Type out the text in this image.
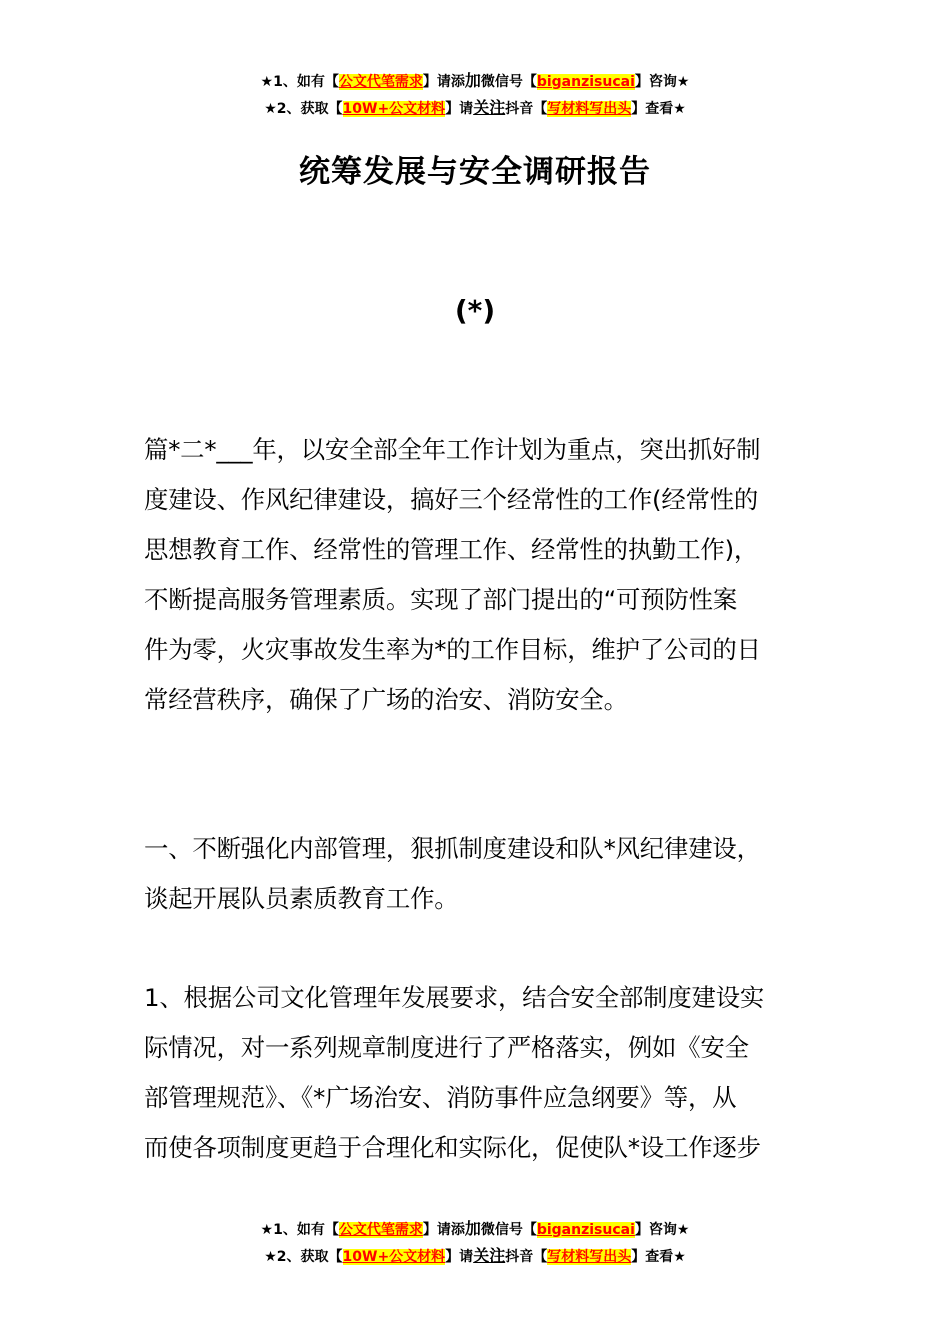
★1、如有【公文代笔需求】请添加微信号【biganzisucai】咨询★
★2、获取【10W+公文材料】请关注抖音【写材料写出头】查看★
统筹发展与安全调研报告
(*)
篇*二*___年，以安全部全年工作计划为重点，突出抓好制
度建设、作风纪律建设，搞好三个经常性的工作(经常性的
思想教育工作、经常性的管理工作、经常性的执勤工作)，
不断提高服务管理素质。实现了部门提出的“可预防性案
件为零，火灾事故发生率为*的工作目标，维护了公司的日
常经营秩序，确保了广场的治安、消防安全。
一、不断强化内部管理，狠抓制度建设和队*风纪律建设，
谈起开展队员素质教育工作。
1、根据公司文化管理年发展要求，结合安全部制度建设实
际情况，对一系列规章制度进行了严格落实，例如《安全
部管理规范》、《*广场治安、消防事件应急纲要》等，从
而使各项制度更趋于合理化和实际化，促使队*设工作逐步
★1、如有【公文代笔需求】请添加微信号【biganzisucai】咨询★
★2、获取【10W+公文材料】请关注抖音【写材料写出头】查看★
